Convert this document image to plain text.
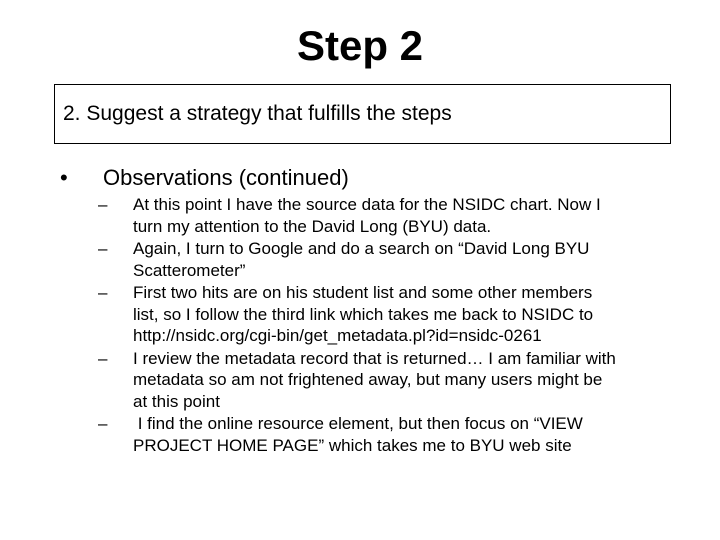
Step 2
2. Suggest a strategy that fulfills the steps
• Observations (continued)
–	At this point I have the source data for the NSIDC chart. Now I
turn my attention to the David Long (BYU) data.
–	Again, I turn to Google and do a search on “David Long BYU
Scatterometer”
–	First two hits are on his student list and some other members
list, so I follow the third link which takes me back to NSIDC to
http://nsidc.org/cgi-bin/get_metadata.pl?id=nsidc-0261
–	I review the metadata record that is returned… I am familiar with
metadata so am not frightened away, but many users might be
at this point
–	I find the online resource element, but then focus on “VIEW
PROJECT HOME PAGE” which takes me to BYU web site
